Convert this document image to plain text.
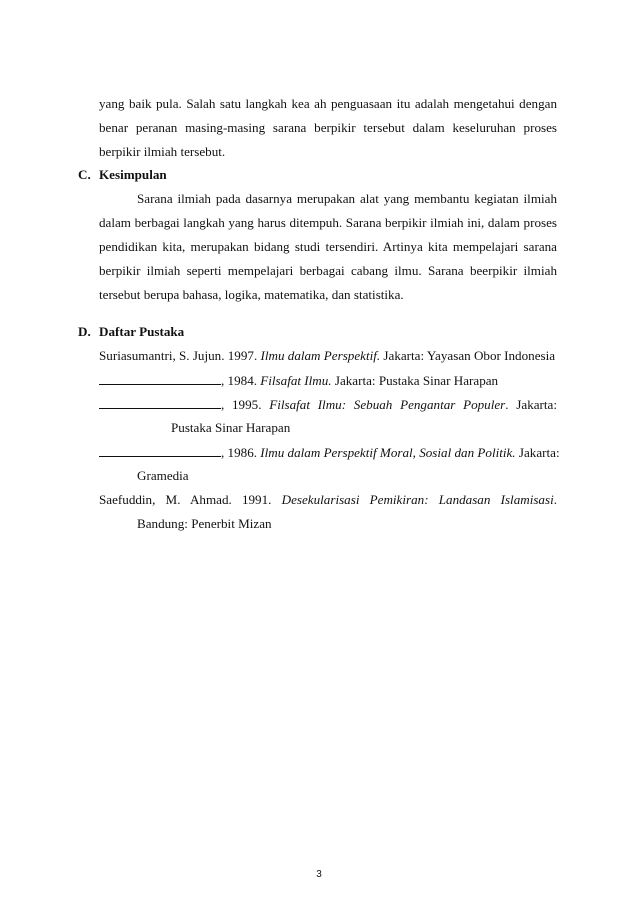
yang baik pula. Salah satu langkah kea ah penguasaan itu adalah mengetahui dengan
benar peranan masing-masing sarana berpikir tersebut dalam keseluruhan proses
berpikir ilmiah tersebut.
C. Kesimpulan
Sarana ilmiah pada dasarnya merupakan alat yang membantu kegiatan ilmiah
dalam berbagai langkah yang harus ditempuh. Sarana berpikir ilmiah ini, dalam proses
pendidikan kita, merupakan bidang studi tersendiri. Artinya kita mempelajari sarana
berpikir ilmiah seperti mempelajari berbagai cabang ilmu. Sarana beerpikir ilmiah
tersebut berupa bahasa, logika, matematika, dan statistika.
D. Daftar Pustaka
Suriasumantri, S. Jujun. 1997. Ilmu dalam Perspektif. Jakarta: Yayasan Obor Indonesia
, 1984. Filsafat Ilmu. Jakarta: Pustaka Sinar Harapan
, 1995. Filsafat Ilmu: Sebuah Pengantar Populer. Jakarta:
Pustaka Sinar Harapan
, 1986. Ilmu dalam Perspektif Moral, Sosial dan Politik. Jakarta:
Gramedia
Saefuddin, M. Ahmad. 1991. Desekularisasi Pemikiran: Landasan Islamisasi.
Bandung: Penerbit Mizan
3
